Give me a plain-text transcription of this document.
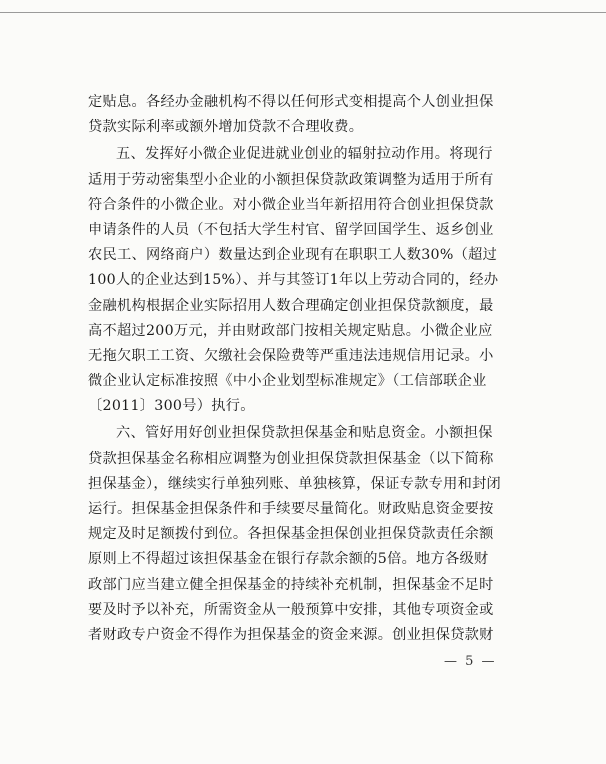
定贴息。各经办金融机构不得以任何形式变相提高个人创业担保
贷款实际利率或额外增加贷款不合理收费。
五、发挥好小微企业促进就业创业的辐射拉动作用。将现行
适用于劳动密集型小企业的小额担保贷款政策调整为适用于所有
符合条件的小微企业。对小微企业当年新招用符合创业担保贷款
申请条件的人员（不包括大学生村官、留学回国学生、返乡创业
农民工、网络商户）数量达到企业现有在职职工人数30%（超过
100人的企业达到15%）、并与其签订1年以上劳动合同的，经办
金融机构根据企业实际招用人数合理确定创业担保贷款额度，最
高不超过200万元，并由财政部门按相关规定贴息。小微企业应
无拖欠职工工资、欠缴社会保险费等严重违法违规信用记录。小
微企业认定标准按照《中小企业划型标准规定》（工信部联企业
〔2011〕300号）执行。
六、管好用好创业担保贷款担保基金和贴息资金。小额担保
贷款担保基金名称相应调整为创业担保贷款担保基金（以下简称
担保基金），继续实行单独列账、单独核算，保证专款专用和封闭
运行。担保基金担保条件和手续要尽量简化。财政贴息资金要按
规定及时足额拨付到位。各担保基金担保创业担保贷款责任余额
原则上不得超过该担保基金在银行存款余额的5倍。地方各级财
政部门应当建立健全担保基金的持续补充机制，担保基金不足时
要及时予以补充，所需资金从一般预算中安排，其他专项资金或
者财政专户资金不得作为担保基金的资金来源。创业担保贷款财
— 5 —
